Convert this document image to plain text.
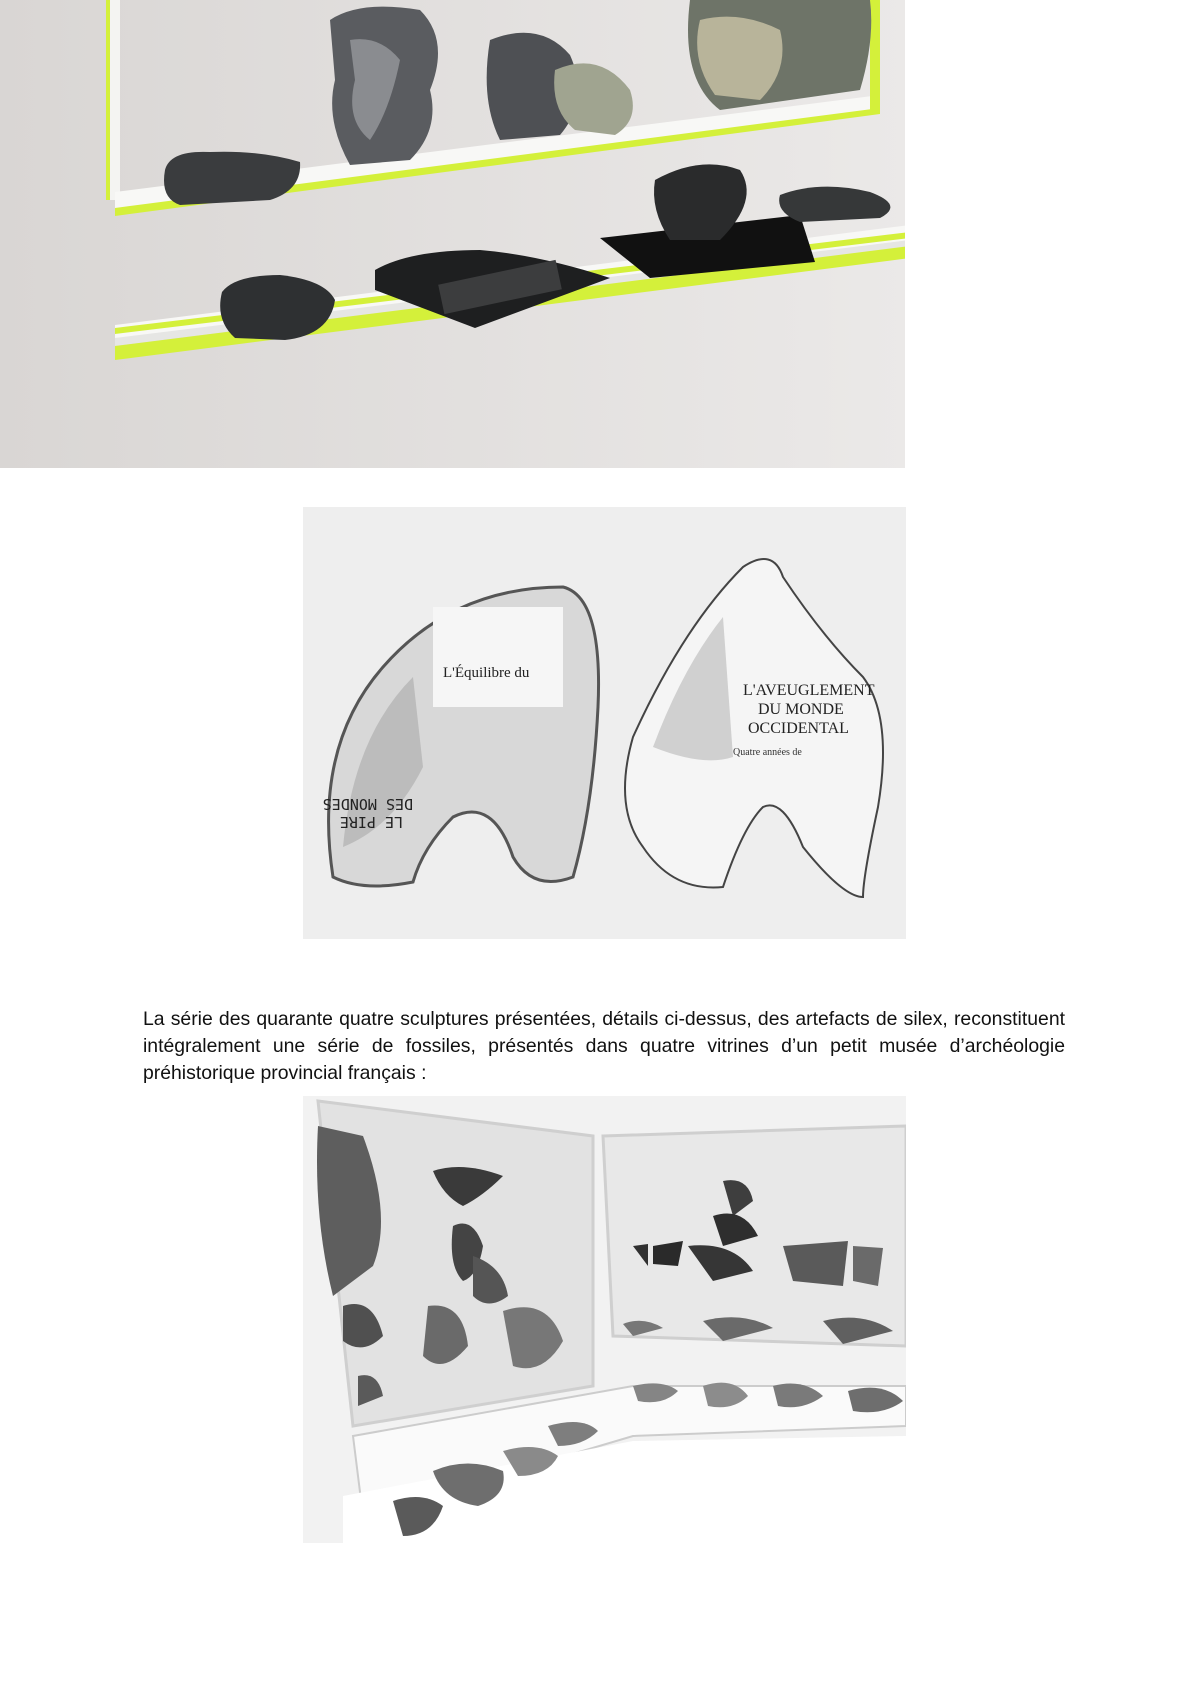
L'Équilibre du
LE PIRE
DES MONDES
L'AVEUGLEMENT
DU MONDE
OCCIDENTAL
Quatre années de

La série des quarante quatre sculptures présentées, détails ci-dessus, des artefacts de silex, reconstituent intégralement une série de fossiles, présentés dans quatre vitrines d’un petit musée d’archéologie préhistorique provincial français :
